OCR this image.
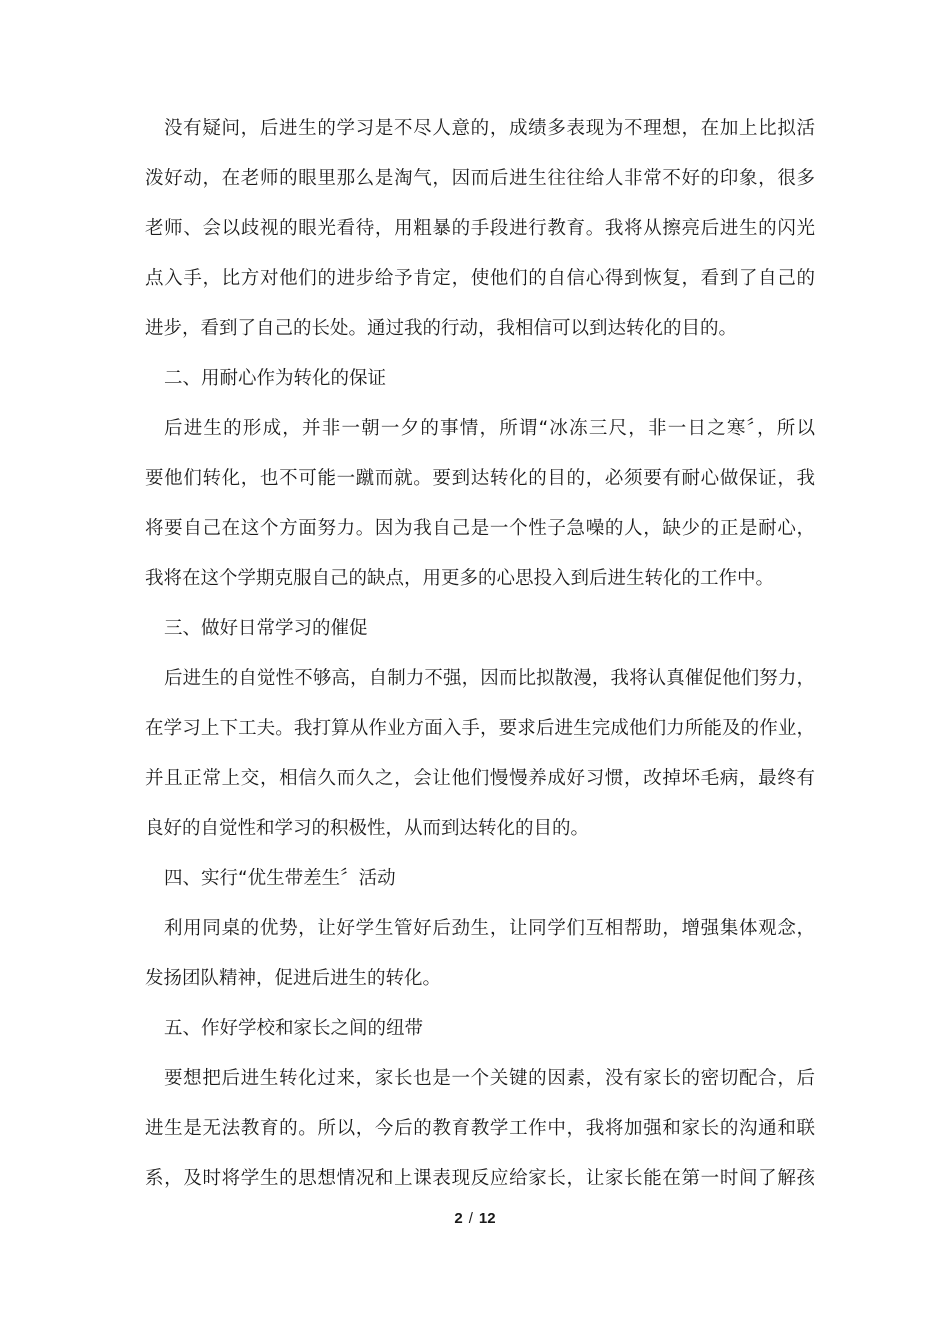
没有疑问，后进生的学习是不尽人意的，成绩多表现为不理想，在加上比拟活
泼好动，在老师的眼里那么是淘气，因而后进生往往给人非常不好的印象，很多
老师、会以歧视的眼光看待，用粗暴的手段进行教育。我将从擦亮后进生的闪光
点入手，比方对他们的进步给予肯定，使他们的自信心得到恢复，看到了自己的
进步，看到了自己的长处。通过我的行动，我相信可以到达转化的目的。
二、用耐心作为转化的保证
后进生的形成，并非一朝一夕的事情，所谓“冰冻三尺，非一日之寒〞，所以
要他们转化，也不可能一蹴而就。要到达转化的目的，必须要有耐心做保证，我
将要自己在这个方面努力。因为我自己是一个性子急噪的人，缺少的正是耐心，
我将在这个学期克服自己的缺点，用更多的心思投入到后进生转化的工作中。
三、做好日常学习的催促
后进生的自觉性不够高，自制力不强，因而比拟散漫，我将认真催促他们努力，
在学习上下工夫。我打算从作业方面入手，要求后进生完成他们力所能及的作业，
并且正常上交，相信久而久之，会让他们慢慢养成好习惯，改掉坏毛病，最终有
良好的自觉性和学习的积极性，从而到达转化的目的。
四、实行“优生带差生〞活动
利用同桌的优势，让好学生管好后劲生，让同学们互相帮助，增强集体观念，
发扬团队精神，促进后进生的转化。
五、作好学校和家长之间的纽带
要想把后进生转化过来，家长也是一个关键的因素，没有家长的密切配合，后
进生是无法教育的。所以，今后的教育教学工作中，我将加强和家长的沟通和联
系，及时将学生的思想情况和上课表现反应给家长，让家长能在第一时间了解孩
2 / 12
